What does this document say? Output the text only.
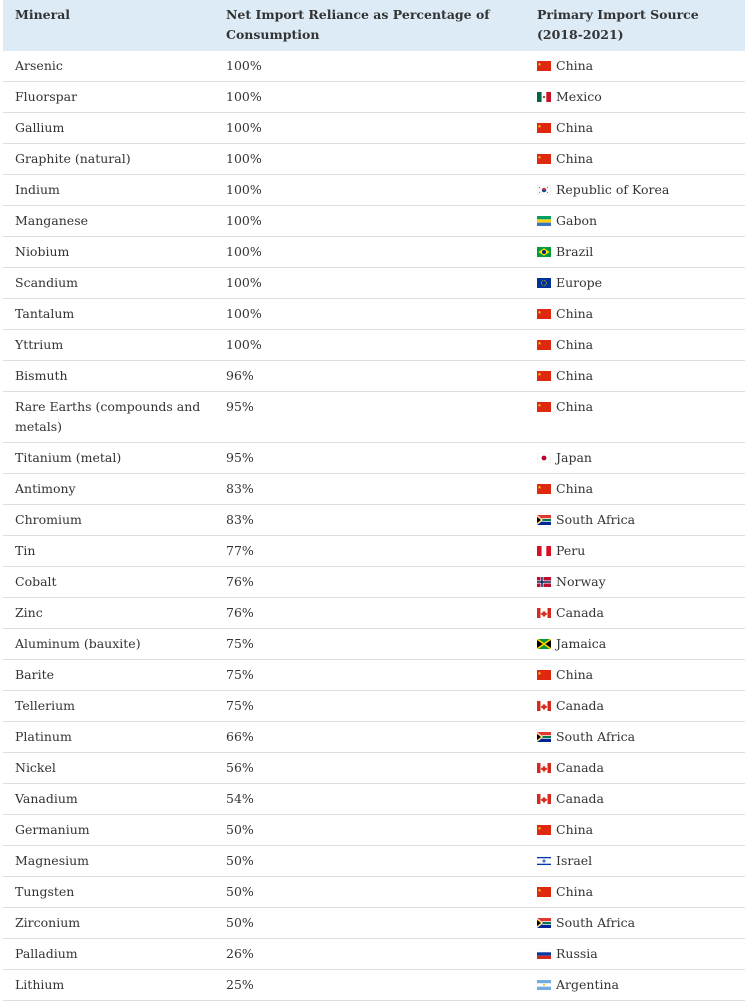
Mineral	Net Import Reliance as Percentage of Consumption	Primary Import Source (2018-2021)
Arsenic	100%	China

Fluorspar	100%	Mexico

Gallium	100%	China

Graphite (natural)	100%	China

Indium	100%	Republic of Korea

Manganese	100%	Gabon

Niobium	100%	Brazil

Scandium	100%	Europe

Tantalum	100%	China

Yttrium	100%	China

Bismuth	96%	China

Rare Earths (compounds and metals)	95%	China

Titanium (metal)	95%	Japan

Antimony	83%	China

Chromium	83%	South Africa

Tin	77%	Peru

Cobalt	76%	Norway

Zinc	76%	Canada

Aluminum (bauxite)	75%	Jamaica

Barite	75%	China

Tellerium	75%	Canada

Platinum	66%	South Africa

Nickel	56%	Canada

Vanadium	54%	Canada

Germanium	50%	China

Magnesium	50%	Israel

Tungsten	50%	China

Zirconium	50%	South Africa

Palladium	26%	Russia

Lithium	25%	Argentina
